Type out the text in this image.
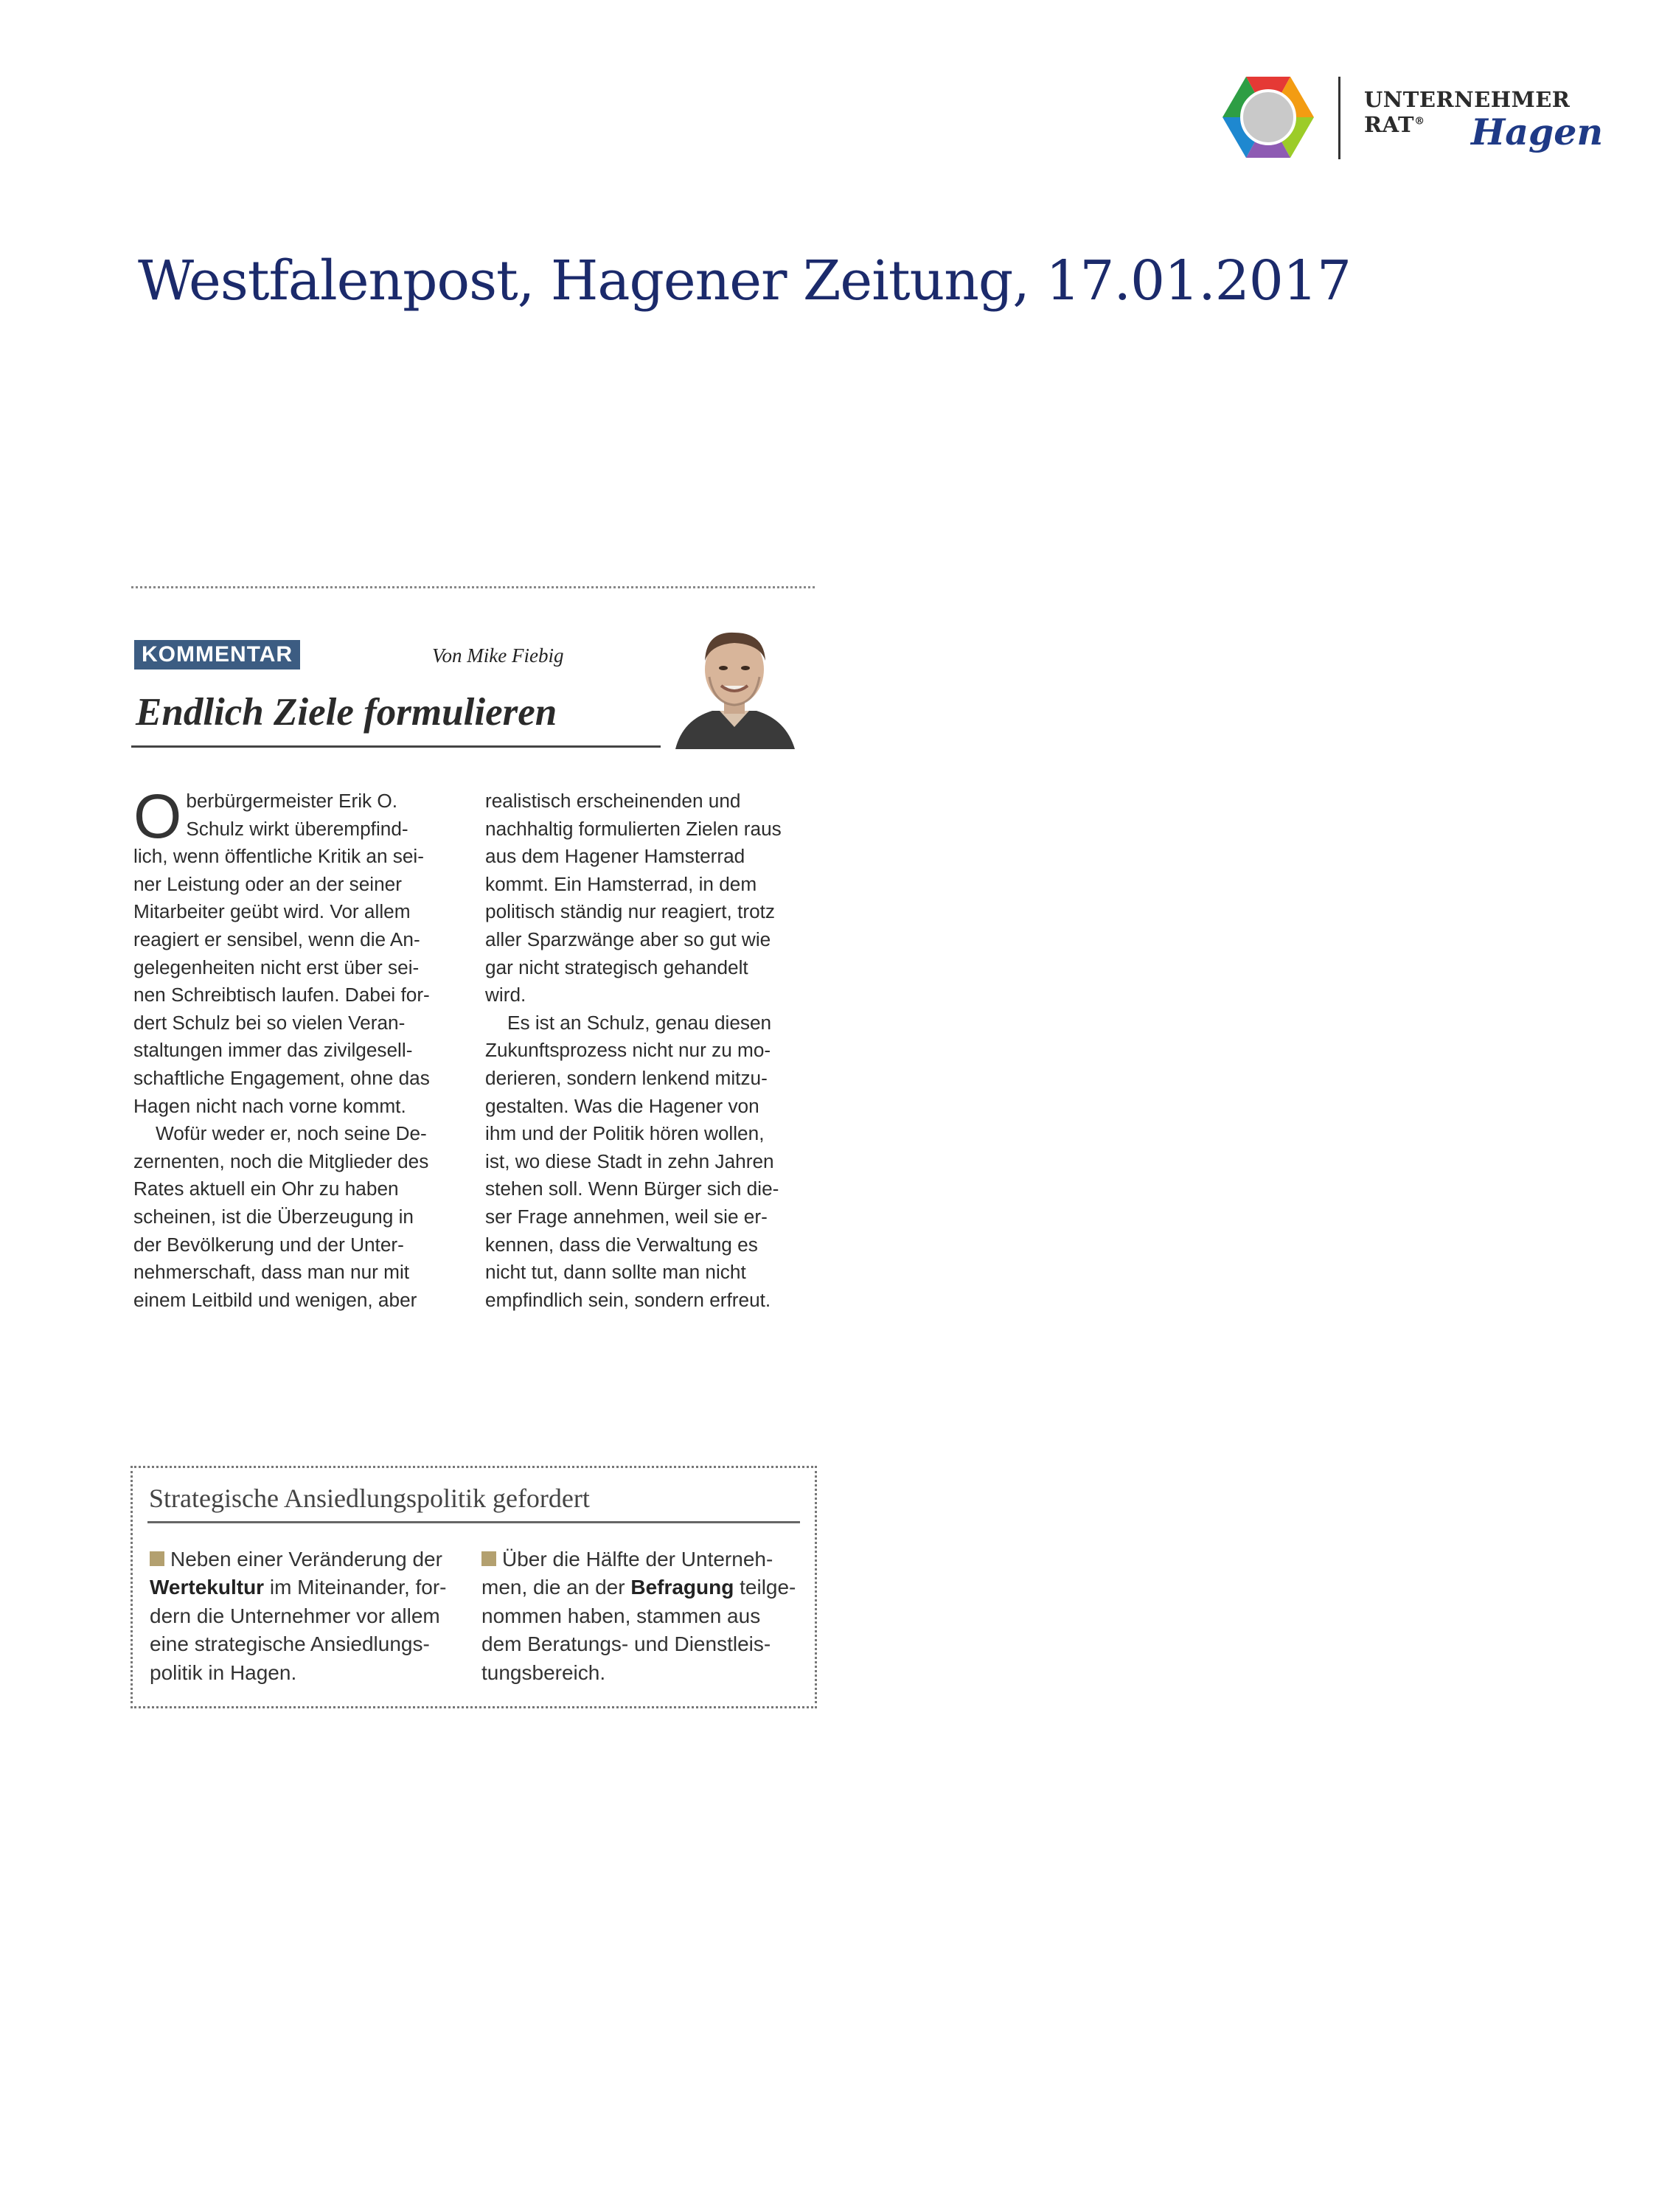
UNTERNEHMER RAT®	Hagen
Westfalenpost, Hagener Zeitung, 17.01.2017
KOMMENTAR	Von Mike Fiebig
Endlich Ziele formulieren

O berbürgermeister Erik O.
Schulz wirkt überempfind-
lich, wenn öffentliche Kritik an sei-
ner Leistung oder an der seiner
Mitarbeiter geübt wird. Vor allem
reagiert er sensibel, wenn die An-
gelegenheiten nicht erst über sei-
nen Schreibtisch laufen. Dabei for-
dert Schulz bei so vielen Veran-
staltungen immer das zivilgesell-
schaftliche Engagement, ohne das
Hagen nicht nach vorne kommt.

Wofür weder er, noch seine De-
zernenten, noch die Mitglieder des
Rates aktuell ein Ohr zu haben
scheinen, ist die Überzeugung in
der Bevölkerung und der Unter-
nehmerschaft, dass man nur mit
einem Leitbild und wenigen, aber

realistisch erscheinenden und
nachhaltig formulierten Zielen raus
aus dem Hagener Hamsterrad
kommt. Ein Hamsterrad, in dem
politisch ständig nur reagiert, trotz
aller Sparzwänge aber so gut wie
gar nicht strategisch gehandelt
wird.

Es ist an Schulz, genau diesen
Zukunftsprozess nicht nur zu mo-
derieren, sondern lenkend mitzu-
gestalten. Was die Hagener von
ihm und der Politik hören wollen,
ist, wo diese Stadt in zehn Jahren
stehen soll. Wenn Bürger sich die-
ser Frage annehmen, weil sie er-
kennen, dass die Verwaltung es
nicht tut, dann sollte man nicht
empfindlich sein, sondern erfreut.

Strategische Ansiedlungspolitik gefordert

Neben einer Veränderung der
Wertekultur im Miteinander, for-
dern die Unternehmer vor allem
eine strategische Ansiedlungs-
politik in Hagen.

Über die Hälfte der Unterneh-
men, die an der Befragung teilge-
nommen haben, stammen aus
dem Beratungs- und Dienstleis-
tungsbereich.
